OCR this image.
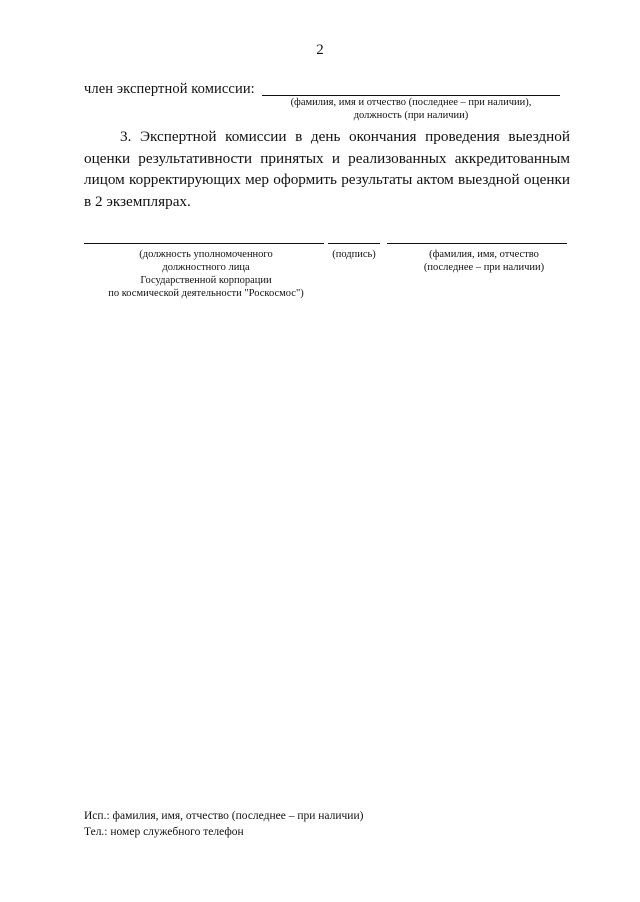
2
член экспертной комиссии:
(фамилия, имя и отчество (последнее – при наличии),
должность (при наличии)
3. Экспертной комиссии в день окончания проведения выездной
оценки результативности принятых и реализованных аккредитованным
лицом корректирующих мер оформить результаты актом выездной оценки
в 2 экземплярах.
(должность уполномоченного
должностного лица
Государственной корпорации
по космической деятельности "Роскосмос")
(подпись)	(фамилия, имя, отчество
(последнее – при наличии)
Исп.: фамилия, имя, отчество (последнее – при наличии)
Тел.: номер служебного телефон
